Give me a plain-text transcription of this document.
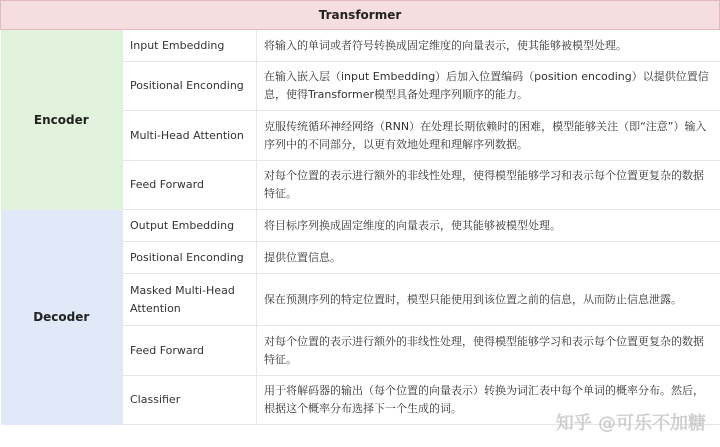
Transformer		
Encoder	Input Embedding	将输入的单词或者符号转换成固定维度的向量表示，使其能够被模型处理。
	Positional Enconding	在输入嵌入层（input Embedding）后加入位置编码（position encoding）以提供位置信息，使得Transformer模型具备处理序列顺序的能力。
	Multi-Head Attention	克服传统循环神经网络（RNN）在处理长期依赖时的困难，模型能够关注（即“注意”）输入序列中的不同部分，以更有效地处理和理解序列数据。
	Feed Forward	对每个位置的表示进行额外的非线性处理，使得模型能够学习和表示每个位置更复杂的数据特征。
Decoder	Output Embedding	将目标序列换成固定维度的向量表示，使其能够被模型处理。
	Positional Enconding	提供位置信息。
	Masked Multi-Head Attention	保在预测序列的特定位置时，模型只能使用到该位置之前的信息，从而防止信息泄露。
	Feed Forward	对每个位置的表示进行额外的非线性处理，使得模型能够学习和表示每个位置更复杂的数据特征。
	Classifier	用于将解码器的输出（每个位置的向量表示）转换为词汇表中每个单词的概率分布。然后，根据这个概率分布选择下一个生成的词。
知乎 @可乐不加糖
